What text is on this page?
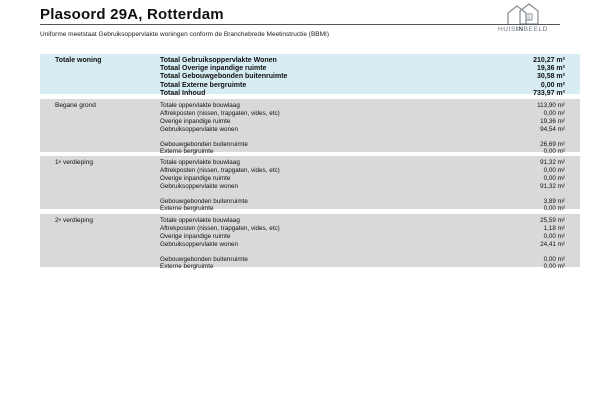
Plasoord 29A, Rotterdam	B
HUISINBEELD
Uniforme meetstaat Gebruiksoppervlakte woningen conform de Branchebrede Meetinstructie (BBMI)
Totale woning	Totaal Gebruiksoppervlakte Wonen	210,27 m²
Totaal Overige inpandige ruimte	19,36 m²
Totaal Gebouwgebonden buitenruimte	30,58 m²
Totaal Externe bergruimte	0,00 m²
Totaal Inhoud	733,97 m³
Begane grond	Totale oppervlakte bouwlaag	113,90 m²
Aftrekposten (nissen, trapgaten, vides, etc)	0,00 m²
Overige inpandige ruimte	19,36 m²
Gebruiksoppervlakte wonen	94,54 m²
Gebouwgebonden buitenruimte	26,69 m²
Externe bergruimte	0,00 m²
1e verdieping	Totale oppervlakte bouwlaag	91,32 m²
Aftrekposten (nissen, trapgaten, vides, etc)	0,00 m²
Overige inpandige ruimte	0,00 m²
Gebruiksoppervlakte wonen	91,32 m²
Gebouwgebonden buitenruimte	3,89 m²
Externe bergruimte	0,00 m²
2e verdieping	Totale oppervlakte bouwlaag	25,59 m²
Aftrekposten (nissen, trapgaten, vides, etc)	1,18 m²
Overige inpandige ruimte	0,00 m²
Gebruiksoppervlakte wonen	24,41 m²
Gebouwgebonden buitenruimte	0,00 m²
Externe bergruimte	0,00 m²
